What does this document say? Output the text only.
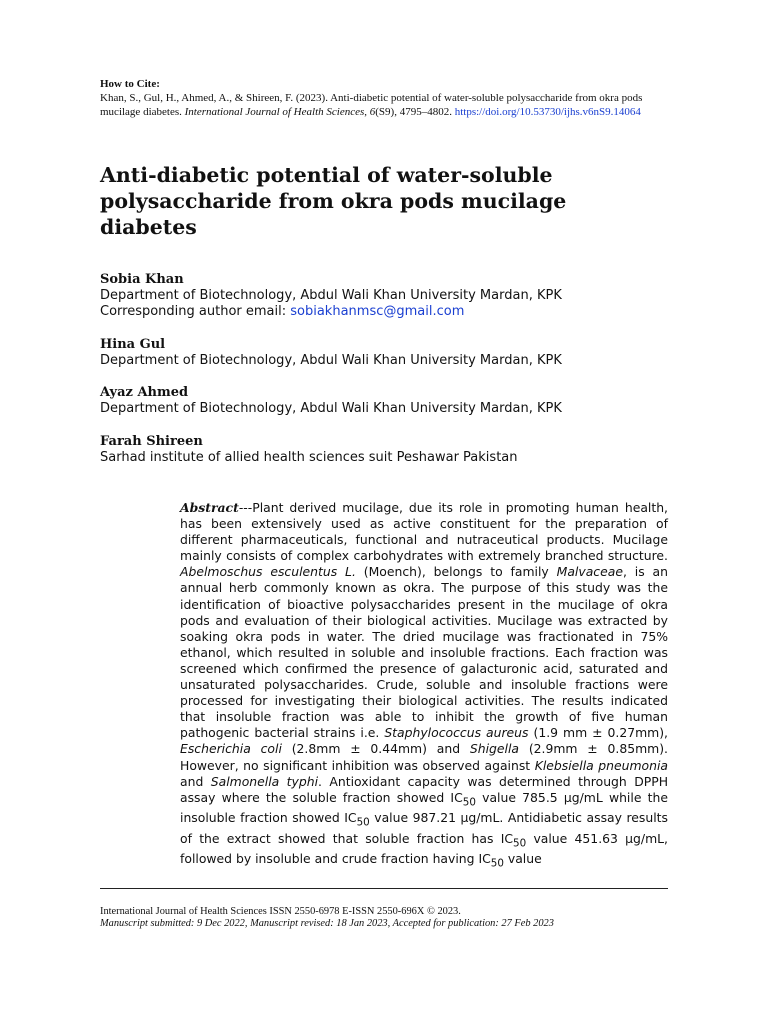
How to Cite:
Khan, S., Gul, H., Ahmed, A., & Shireen, F. (2023). Anti-diabetic potential of water-soluble polysaccharide from okra pods mucilage diabetes. International Journal of Health Sciences, 6(S9), 4795–4802. https://doi.org/10.53730/ijhs.v6nS9.14064
Anti-diabetic potential of water-soluble polysaccharide from okra pods mucilage diabetes
Sobia Khan
Department of Biotechnology, Abdul Wali Khan University Mardan, KPK
Corresponding author email: sobiakhanmsc@gmail.com
Hina Gul
Department of Biotechnology, Abdul Wali Khan University Mardan, KPK
Ayaz Ahmed
Department of Biotechnology, Abdul Wali Khan University Mardan, KPK
Farah Shireen
Sarhad institute of allied health sciences suit Peshawar Pakistan
Abstract---Plant derived mucilage, due its role in promoting human health, has been extensively used as active constituent for the preparation of different pharmaceuticals, functional and nutraceutical products. Mucilage mainly consists of complex carbohydrates with extremely branched structure. Abelmoschus esculentus L. (Moench), belongs to family Malvaceae, is an annual herb commonly known as okra. The purpose of this study was the identification of bioactive polysaccharides present in the mucilage of okra pods and evaluation of their biological activities. Mucilage was extracted by soaking okra pods in water. The dried mucilage was fractionated in 75% ethanol, which resulted in soluble and insoluble fractions. Each fraction was screened which confirmed the presence of galacturonic acid, saturated and unsaturated polysaccharides. Crude, soluble and insoluble fractions were processed for investigating their biological activities. The results indicated that insoluble fraction was able to inhibit the growth of five human pathogenic bacterial strains i.e. Staphylococcus aureus (1.9 mm ± 0.27mm), Escherichia coli (2.8mm ± 0.44mm) and Shigella (2.9mm ± 0.85mm). However, no significant inhibition was observed against Klebsiella pneumonia and Salmonella typhi. Antioxidant capacity was determined through DPPH assay where the soluble fraction showed $IC_{50}$ value 785.5 µg/mL while the insoluble fraction showed $IC_{50}$ value 987.21 µg/mL. Antidiabetic assay results of the extract showed that soluble fraction has $IC_{50}$ value 451.63 µg/mL, followed by insoluble and crude fraction having $IC_{50}$ value
International Journal of Health Sciences ISSN 2550-6978 E-ISSN 2550-696X © 2023.
Manuscript submitted: 9 Dec 2022, Manuscript revised: 18 Jan 2023, Accepted for publication: 27 Feb 2023
